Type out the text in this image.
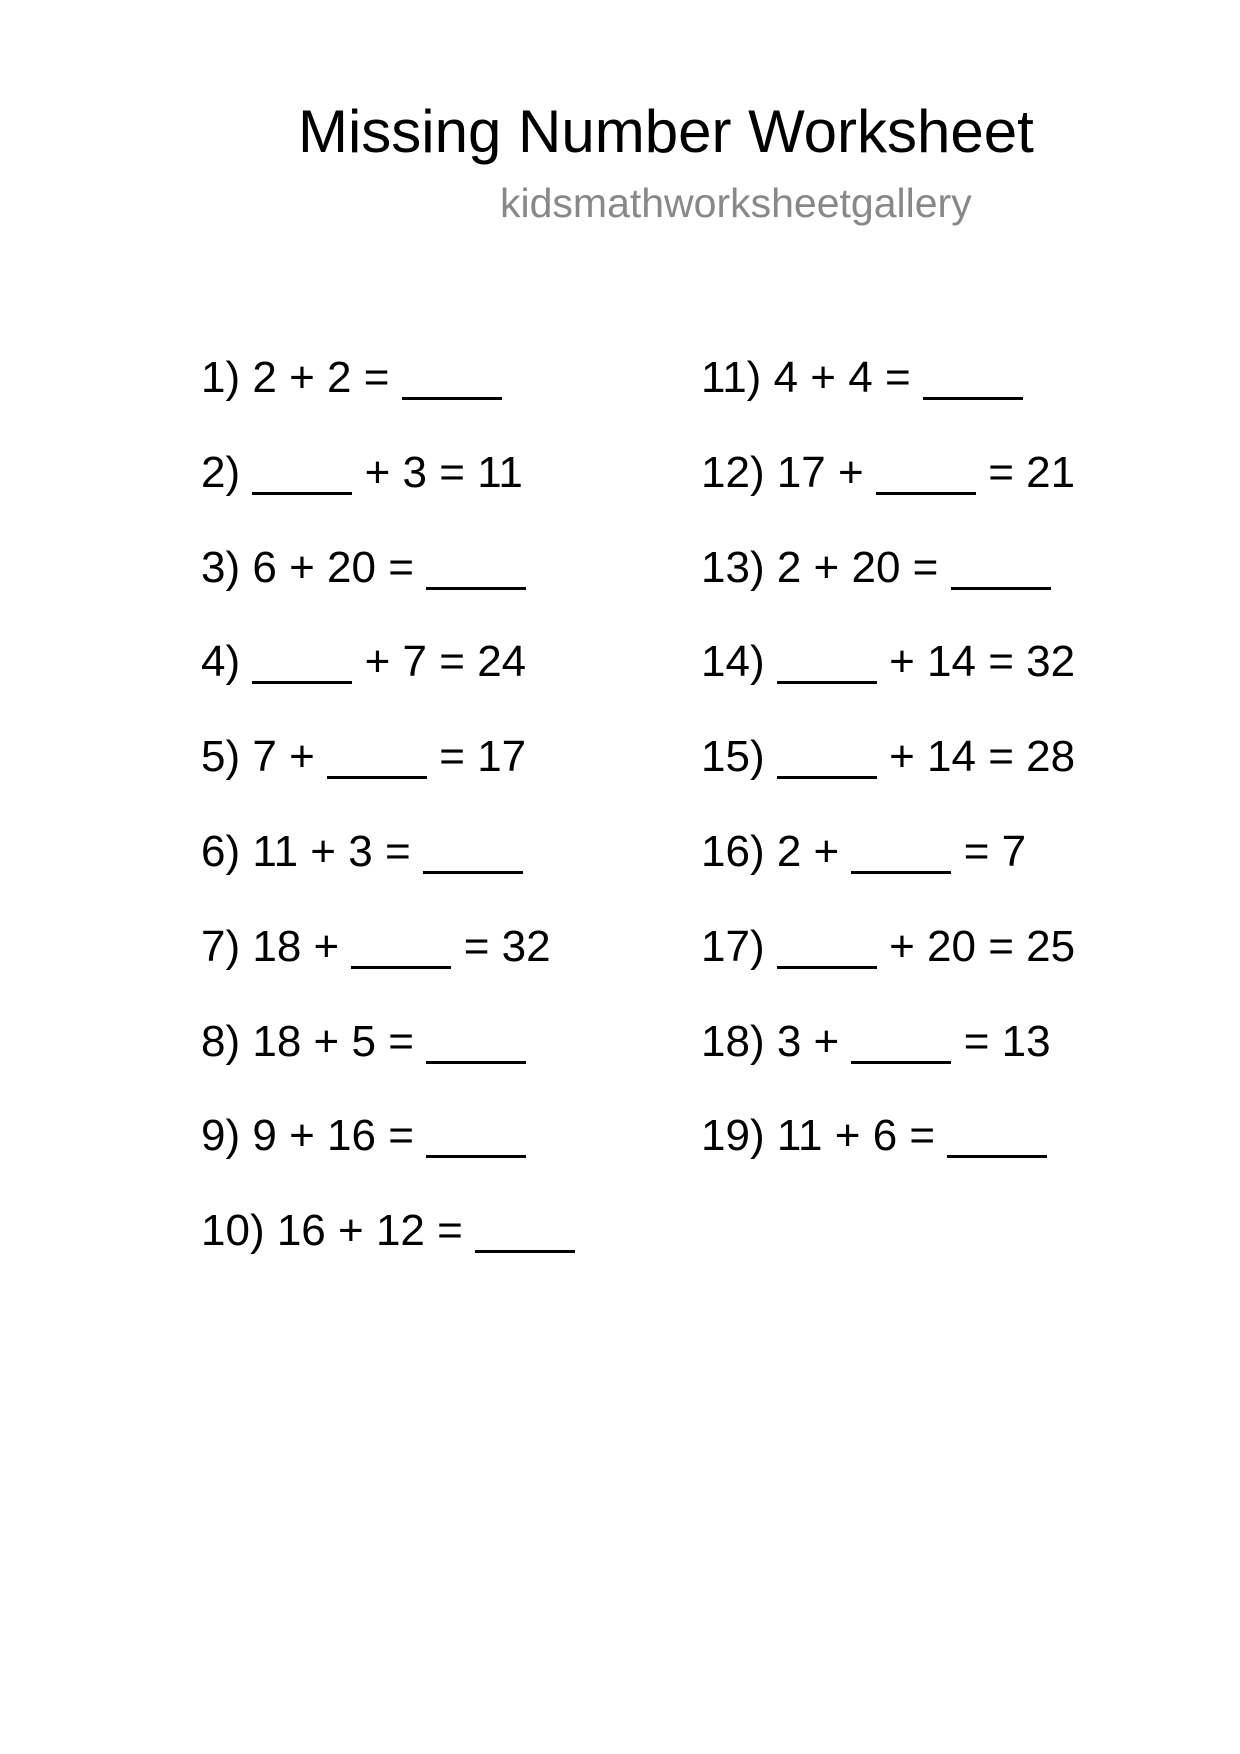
Missing Number Worksheet
kidsmathworksheetgallery
1) 2 + 2 =
2)	+ 3 = 11
3) 6 + 20 =
4)	+ 7 = 24
5) 7 +	= 17
6) 11 + 3 =
7) 18 +	= 32
8) 18 + 5 =
9) 9 + 16 =
10) 16 + 12 =
11) 4 + 4 =
12) 17 +	= 21
13) 2 + 20 =
14)	+ 14 = 32
15)	+ 14 = 28
16) 2 +	= 7
17)	+ 20 = 25
18) 3 +	= 13
19) 11 + 6 =
